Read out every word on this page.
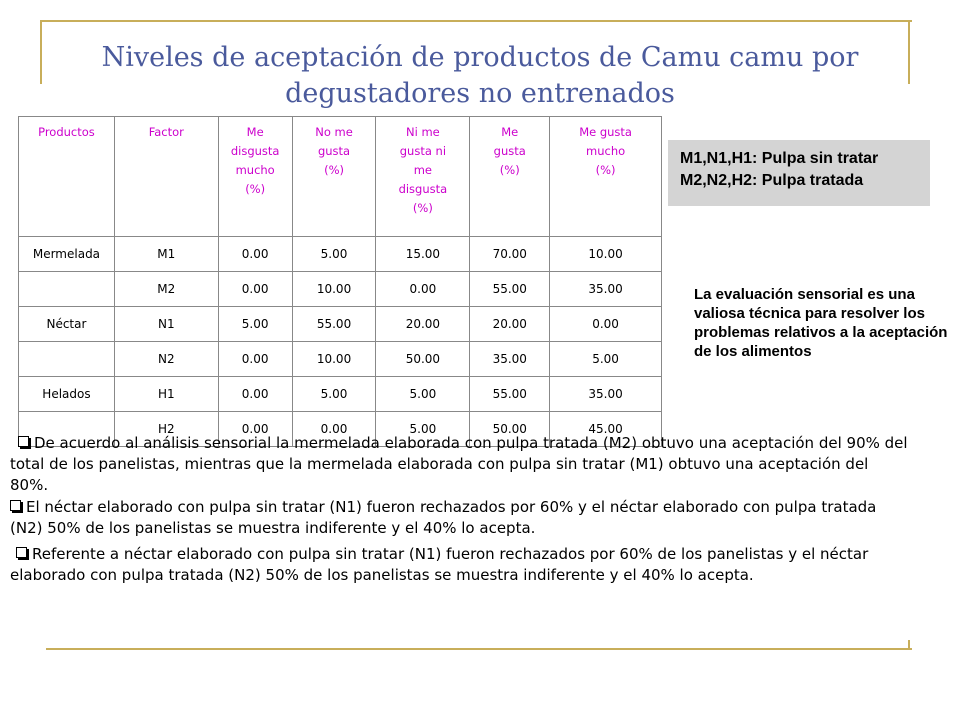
Niveles de aceptación de productos de Camu camu por degustadores no entrenados
Productos	Factor	Me
disgusta
mucho
(%)	No me
gusta
(%)	Ni me
gusta ni
me
disgusta
(%)	Me
gusta
(%)	Me gusta
mucho
(%)

Mermelada	M1	0.00	5.00	15.00	70.00	10.00
	M2	0.00	10.00	0.00	55.00	35.00
Néctar	N1	5.00	55.00	20.00	20.00	0.00
	N2	0.00	10.00	50.00	35.00	5.00
Helados	H1	0.00	5.00	5.00	55.00	35.00
	H2	0.00	0.00	5.00	50.00	45.00
M1,N1,H1: Pulpa sin tratar
M2,N2,H2: Pulpa tratada
La evaluación sensorial es una valiosa técnica para resolver los problemas relativos a la aceptación de los alimentos

De acuerdo al análisis sensorial la mermelada elaborada con pulpa tratada (M2) obtuvo una aceptación del 90% del total de los panelistas, mientras que la mermelada elaborada con pulpa sin tratar (M1) obtuvo una aceptación del 80%.

El néctar elaborado con pulpa sin tratar (N1) fueron rechazados por 60% y el néctar elaborado con pulpa tratada (N2) 50% de los panelistas se muestra indiferente y el 40% lo acepta.

Referente a néctar elaborado con pulpa sin tratar (N1) fueron rechazados por 60% de los panelistas y el néctar elaborado con pulpa tratada (N2) 50% de los panelistas se muestra indiferente y el 40% lo acepta.
